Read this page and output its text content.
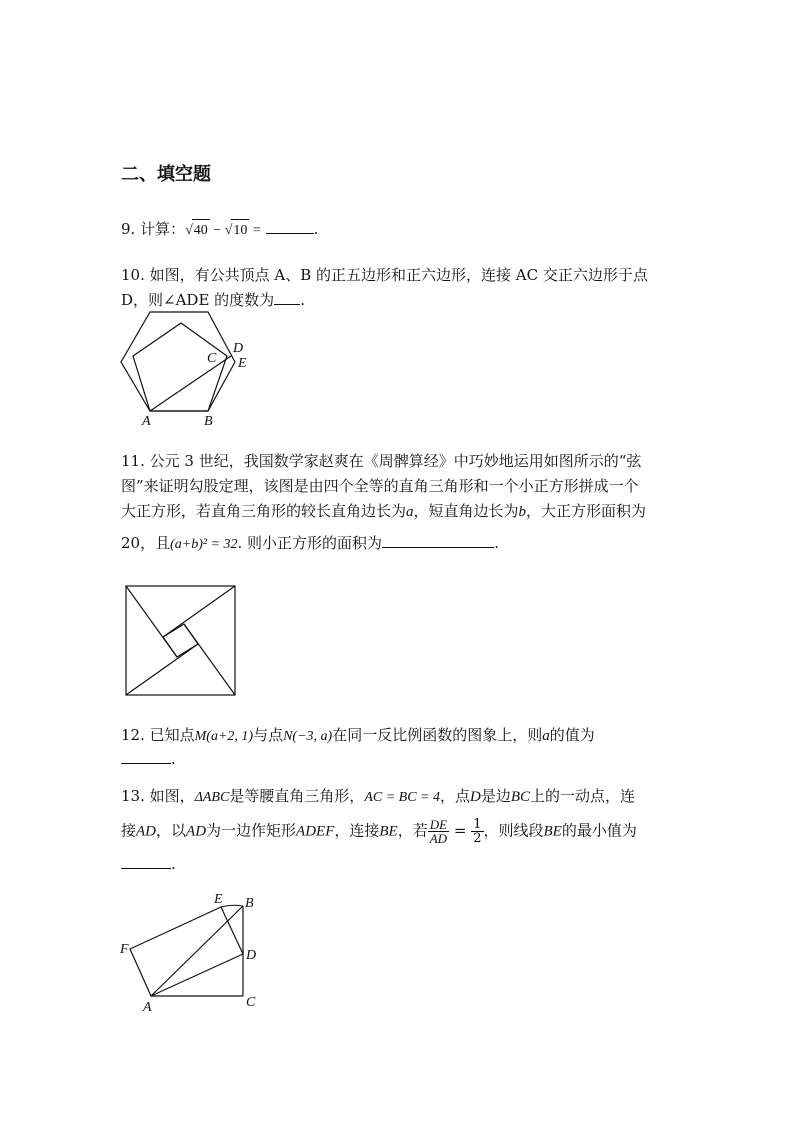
二、填空题
9. 计算：√40 − √10 =	.
10. 如图，有公共顶点 A、B 的正五边形和正六边形，连接 AC 交正六边形于点
D，则∠ADE 的度数为 .
A	B
C
D
E
11. 公元 3 世纪，我国数学家赵爽在《周髀算经》中巧妙地运用如图所示的“弦
图”来证明勾股定理，该图是由四个全等的直角三角形和一个小正方形拼成一个
大正方形，若直角三角形的较长直角边长为a，短直角边长为b，大正方形面积为
20，且(a+b)² = 32. 则小正方形的面积为	.
12. 已知点M(a+2, 1)与点N(−3, a)在同一反比例函数的图象上，则a的值为
.
13. 如图，ΔABC是等腰直角三角形，AC = BC = 4，点D是边BC上的一动点，连
接AD，以AD为一边作矩形ADEF，连接BE，若 $\frac{DE}{AD} = \frac{1}{2}$ ，则线段BE的最小值为
.
A
B
C
D
E
F
